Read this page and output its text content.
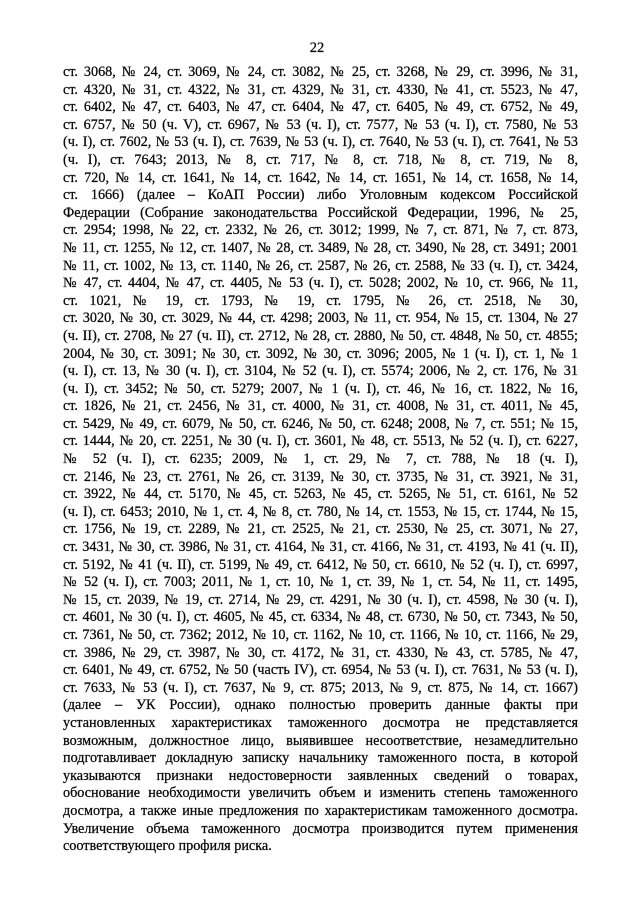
22
ст. 3068, № 24, ст. 3069, № 24, ст. 3082, № 25, ст. 3268, № 29, ст. 3996, № 31,
ст. 4320, № 31, ст. 4322, № 31, ст. 4329, № 31, ст. 4330, № 41, ст. 5523, № 47,
ст. 6402, № 47, ст. 6403, № 47, ст. 6404, № 47, ст. 6405, № 49, ст. 6752, № 49,
ст. 6757, № 50 (ч. V), ст. 6967, № 53 (ч. I), ст. 7577, № 53 (ч. I), ст. 7580, № 53
(ч. I), ст. 7602, № 53 (ч. I), ст. 7639, № 53 (ч. I), ст. 7640, № 53 (ч. I), ст. 7641, № 53
(ч. I), ст. 7643; 2013, № 8, ст. 717, № 8, ст. 718, № 8, ст. 719, № 8,
ст. 720, № 14, ст. 1641, № 14, ст. 1642, № 14, ст. 1651, № 14, ст. 1658, № 14,
ст. 1666) (далее – КоАП России) либо Уголовным кодексом Российской
Федерации (Собрание законодательства Российской Федерации, 1996, № 25,
ст. 2954; 1998, № 22, ст. 2332, № 26, ст. 3012; 1999, № 7, ст. 871, № 7, ст. 873,
№ 11, ст. 1255, № 12, ст. 1407, № 28, ст. 3489, № 28, ст. 3490, № 28, ст. 3491; 2001
№ 11, ст. 1002, № 13, ст. 1140, № 26, ст. 2587, № 26, ст. 2588, № 33 (ч. I), ст. 3424,
№ 47, ст. 4404, № 47, ст. 4405, № 53 (ч. I), ст. 5028; 2002, № 10, ст. 966, № 11,
ст. 1021, № 19, ст. 1793, № 19, ст. 1795, № 26, ст. 2518, № 30,
ст. 3020, № 30, ст. 3029, № 44, ст. 4298; 2003, № 11, ст. 954, № 15, ст. 1304, № 27
(ч. II), ст. 2708, № 27 (ч. II), ст. 2712, № 28, ст. 2880, № 50, ст. 4848, № 50, ст. 4855;
2004, № 30, ст. 3091; № 30, ст. 3092, № 30, ст. 3096; 2005, № 1 (ч. I), ст. 1, № 1
(ч. I), ст. 13, № 30 (ч. I), ст. 3104, № 52 (ч. I), ст. 5574; 2006, № 2, ст. 176, № 31
(ч. I), ст. 3452; № 50, ст. 5279; 2007, № 1 (ч. I), ст. 46, № 16, ст. 1822, № 16,
ст. 1826, № 21, ст. 2456, № 31, ст. 4000, № 31, ст. 4008, № 31, ст. 4011, № 45,
ст. 5429, № 49, ст. 6079, № 50, ст. 6246, № 50, ст. 6248; 2008, № 7, ст. 551; № 15,
ст. 1444, № 20, ст. 2251, № 30 (ч. I), ст. 3601, № 48, ст. 5513, № 52 (ч. I), ст. 6227,
№ 52 (ч. I), ст. 6235; 2009, № 1, ст. 29, № 7, ст. 788, № 18 (ч. I),
ст. 2146, № 23, ст. 2761, № 26, ст. 3139, № 30, ст. 3735, № 31, ст. 3921, № 31,
ст. 3922, № 44, ст. 5170, № 45, ст. 5263, № 45, ст. 5265, № 51, ст. 6161, № 52
(ч. I), ст. 6453; 2010, № 1, ст. 4, № 8, ст. 780, № 14, ст. 1553, № 15, ст. 1744, № 15,
ст. 1756, № 19, ст. 2289, № 21, ст. 2525, № 21, ст. 2530, № 25, ст. 3071, № 27,
ст. 3431, № 30, ст. 3986, № 31, ст. 4164, № 31, ст. 4166, № 31, ст. 4193, № 41 (ч. II),
ст. 5192, № 41 (ч. II), ст. 5199, № 49, ст. 6412, № 50, ст. 6610, № 52 (ч. I), ст. 6997,
№ 52 (ч. I), ст. 7003; 2011, № 1, ст. 10, № 1, ст. 39, № 1, ст. 54, № 11, ст. 1495,
№ 15, ст. 2039, № 19, ст. 2714, № 29, ст. 4291, № 30 (ч. I), ст. 4598, № 30 (ч. I),
ст. 4601, № 30 (ч. I), ст. 4605, № 45, ст. 6334, № 48, ст. 6730, № 50, ст. 7343, № 50,
ст. 7361, № 50, ст. 7362; 2012, № 10, ст. 1162, № 10, ст. 1166, № 10, ст. 1166, № 29,
ст. 3986, № 29, ст. 3987, № 30, ст. 4172, № 31, ст. 4330, № 43, ст. 5785, № 47,
ст. 6401, № 49, ст. 6752, № 50 (часть IV), ст. 6954, № 53 (ч. I), ст. 7631, № 53 (ч. I),
ст. 7633, № 53 (ч. I), ст. 7637, № 9, ст. 875; 2013, № 9, ст. 875, № 14, ст. 1667)
(далее – УК России), однако полностью проверить данные факты при
установленных характеристиках таможенного досмотра не представляется
возможным, должностное лицо, выявившее несоответствие, незамедлительно
подготавливает докладную записку начальнику таможенного поста, в которой
указываются признаки недостоверности заявленных сведений о товарах,
обоснование необходимости увеличить объем и изменить степень таможенного
досмотра, а также иные предложения по характеристикам таможенного досмотра.
Увеличение объема таможенного досмотра производится путем применения
соответствующего профиля риска.
